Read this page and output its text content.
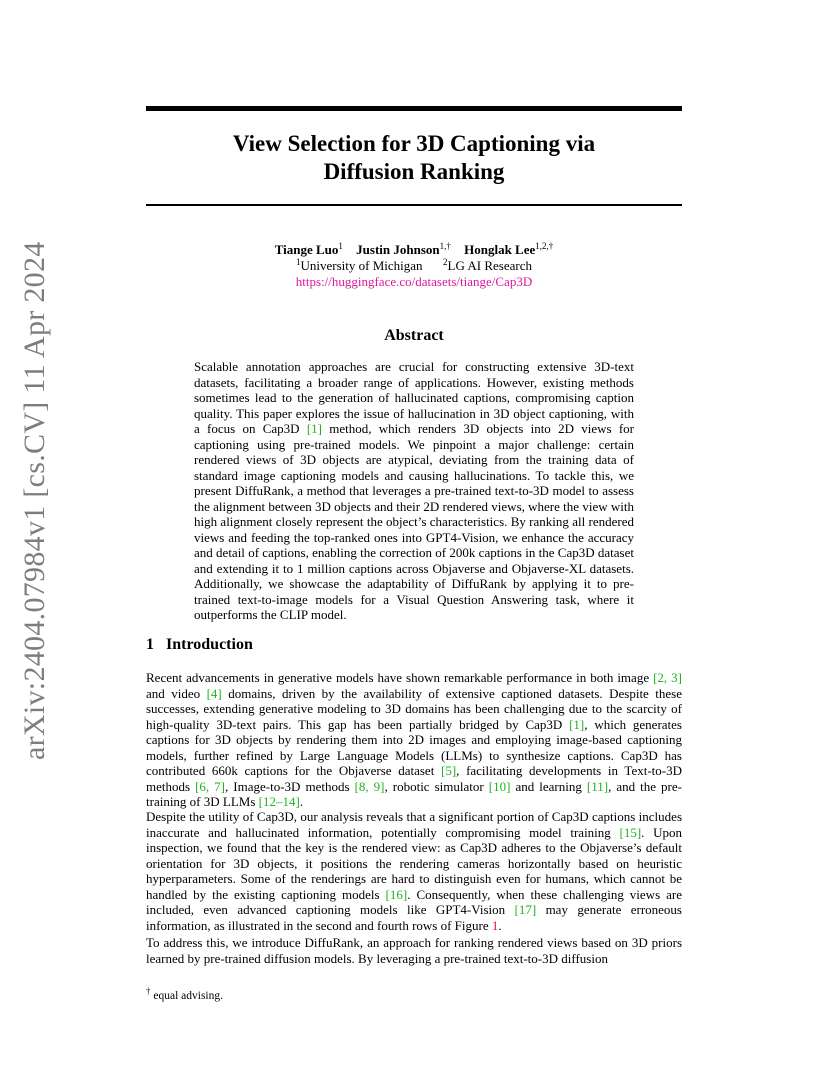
arXiv:2404.07984v1 [cs.CV] 11 Apr 2024
View Selection for 3D Captioning via
Diffusion Ranking
Tiange Luo$^1$ Justin Johnson$^{1,\dagger}$ Honglak Lee$^{1,2,\dagger}$
$^1$University of Michigan $^2$LG AI Research
https://huggingface.co/datasets/tiange/Cap3D
Abstract
Scalable annotation approaches are crucial for constructing extensive 3D-text datasets, facilitating a broader range of applications. However, existing methods sometimes lead to the generation of hallucinated captions, compromising caption quality. This paper explores the issue of hallucination in 3D object captioning, with a focus on Cap3D [1] method, which renders 3D objects into 2D views for captioning using pre-trained models. We pinpoint a major challenge: certain rendered views of 3D objects are atypical, deviating from the training data of standard image captioning models and causing hallucinations. To tackle this, we present DiffuRank, a method that leverages a pre-trained text-to-3D model to assess the alignment between 3D objects and their 2D rendered views, where the view with high alignment closely represent the object’s characteristics. By ranking all rendered views and feeding the top-ranked ones into GPT4-Vision, we enhance the accuracy and detail of captions, enabling the correction of 200k captions in the Cap3D dataset and extending it to 1 million captions across Objaverse and Objaverse-XL datasets. Additionally, we showcase the adaptability of DiffuRank by applying it to pre-trained text-to-image models for a Visual Question Answering task, where it outperforms the CLIP model.
1 Introduction
Recent advancements in generative models have shown remarkable performance in both image [2, 3] and video [4] domains, driven by the availability of extensive captioned datasets. Despite these successes, extending generative modeling to 3D domains has been challenging due to the scarcity of high-quality 3D-text pairs. This gap has been partially bridged by Cap3D [1], which generates captions for 3D objects by rendering them into 2D images and employing image-based captioning models, further refined by Large Language Models (LLMs) to synthesize captions. Cap3D has contributed 660k captions for the Objaverse dataset [5], facilitating developments in Text-to-3D methods [6, 7], Image-to-3D methods [8, 9], robotic simulator [10] and learning [11], and the pre-training of 3D LLMs [12–14].
Despite the utility of Cap3D, our analysis reveals that a significant portion of Cap3D captions includes inaccurate and hallucinated information, potentially compromising model training [15]. Upon inspection, we found that the key is the rendered view: as Cap3D adheres to the Objaverse’s default orientation for 3D objects, it positions the rendering cameras horizontally based on heuristic hyperparameters. Some of the renderings are hard to distinguish even for humans, which cannot be handled by the existing captioning models [16]. Consequently, when these challenging views are included, even advanced captioning models like GPT4-Vision [17] may generate erroneous information, as illustrated in the second and fourth rows of Figure 1.
To address this, we introduce DiffuRank, an approach for ranking rendered views based on 3D priors learned by pre-trained diffusion models. By leveraging a pre-trained text-to-3D diffusion
† equal advising.
